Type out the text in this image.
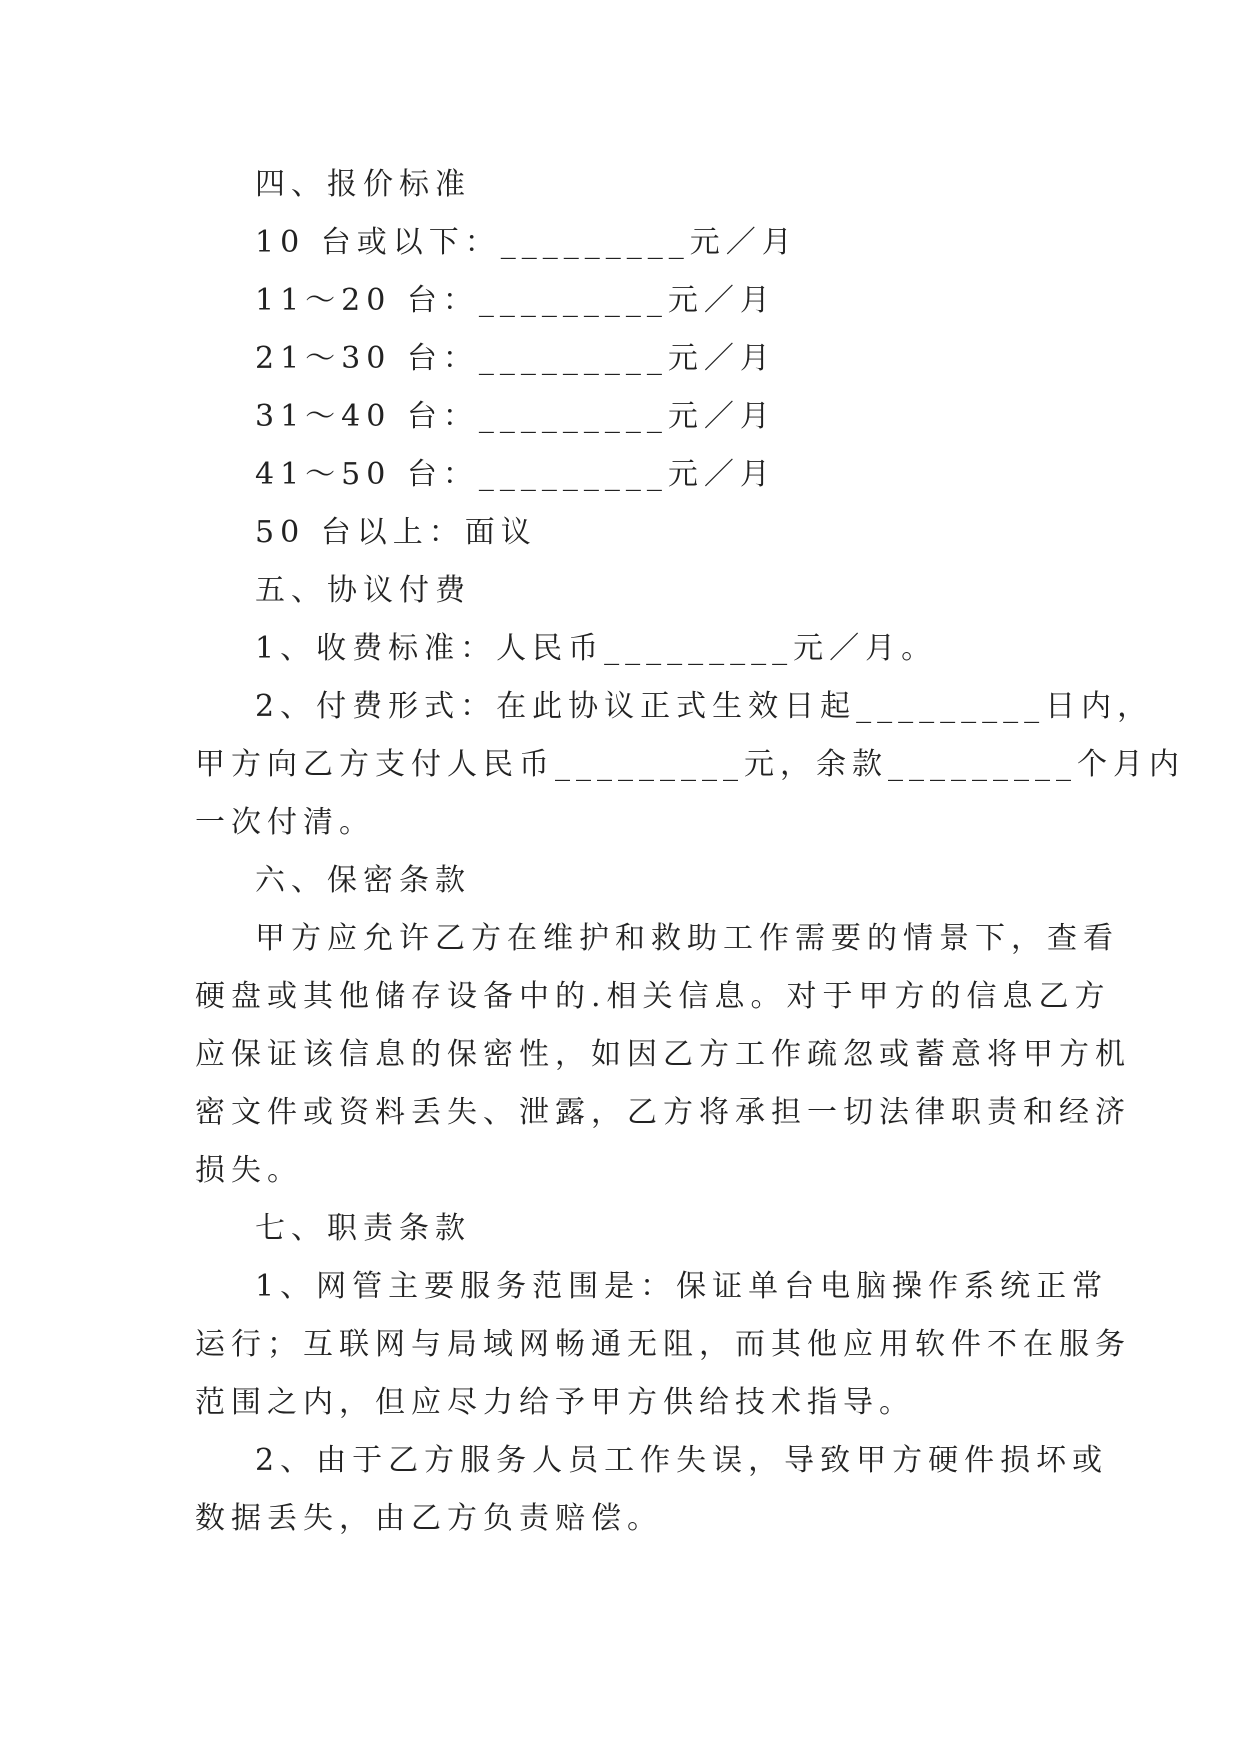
四、报价标准
10 台或以下：_________元／月
11～20 台：_________元／月
21～30 台：_________元／月
31～40 台：_________元／月
41～50 台：_________元／月
50 台以上：面议
五、协议付费
1、收费标准：人民币_________元／月。
2、付费形式：在此协议正式生效日起_________日内，
甲方向乙方支付人民币_________元，余款_________个月内
一次付清。
六、保密条款
甲方应允许乙方在维护和救助工作需要的情景下，查看
硬盘或其他储存设备中的.相关信息。对于甲方的信息乙方
应保证该信息的保密性，如因乙方工作疏忽或蓄意将甲方机
密文件或资料丢失、泄露，乙方将承担一切法律职责和经济
损失。
七、职责条款
1、网管主要服务范围是：保证单台电脑操作系统正常
运行；互联网与局域网畅通无阻，而其他应用软件不在服务
范围之内，但应尽力给予甲方供给技术指导。
2、由于乙方服务人员工作失误，导致甲方硬件损坏或
数据丢失，由乙方负责赔偿。
